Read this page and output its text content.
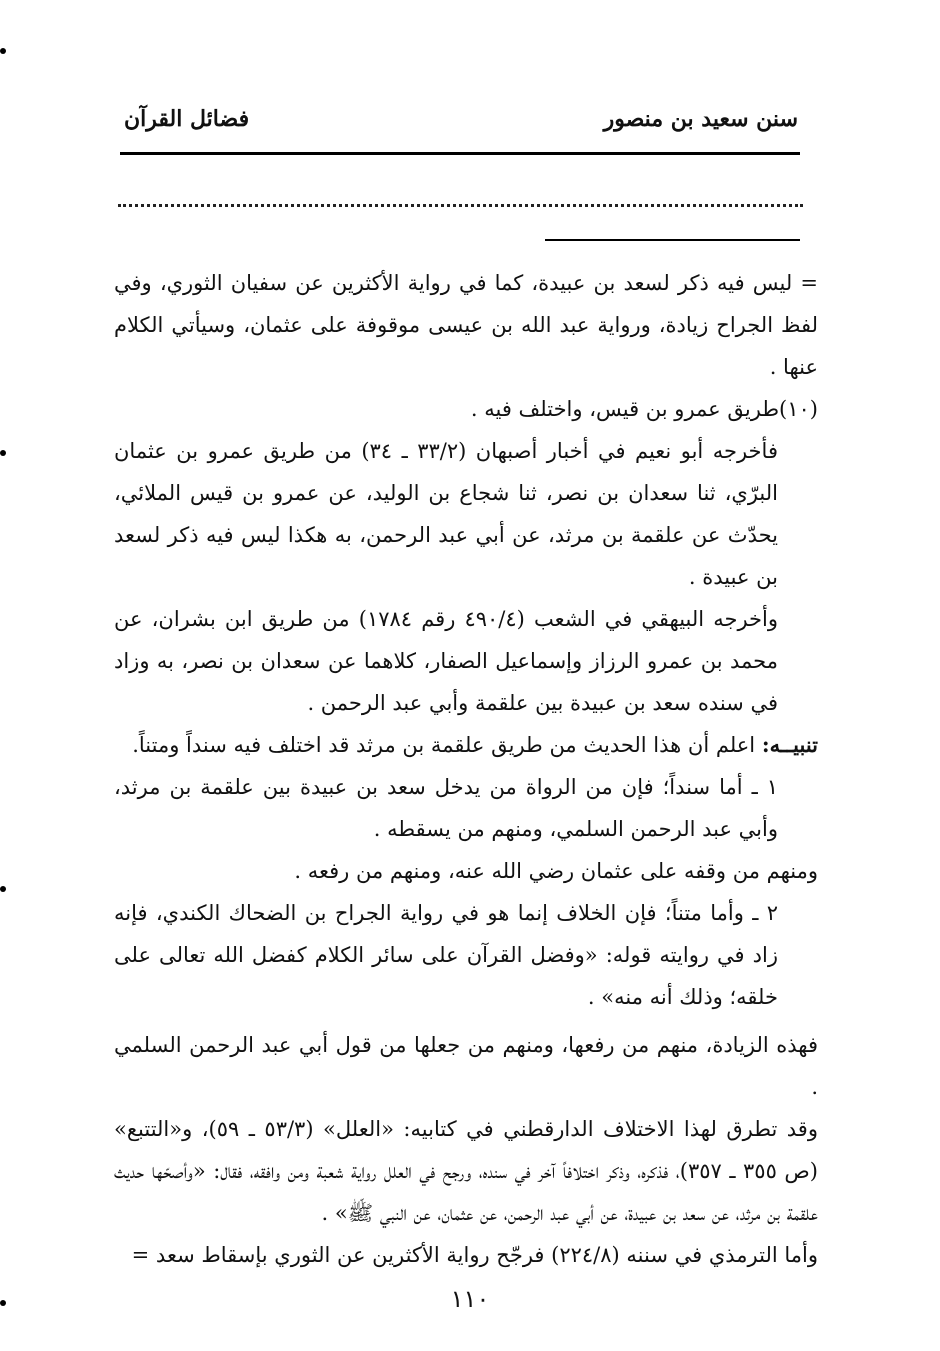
سنن سعيد بن منصور
فضائل القرآن

= ليس فيه ذكر لسعد بن عبيدة، كما في رواية الأكثرين عن سفيان الثوري، وفي لفظ الجراح زيادة، ورواية عبد الله بن عيسى موقوفة على عثمان، وسيأتي الكلام عنها .

(١٠)طريق عمرو بن قيس، واختلف فيه .

فأخرجه أبو نعيم في أخبار أصبهان (٣٣/٢ ـ ٣٤) من طريق عمرو بن عثمان البرّي، ثنا سعدان بن نصر، ثنا شجاع بن الوليد، عن عمرو بن قيس الملائي، يحدّث عن علقمة بن مرثد، عن أبي عبد الرحمن، به هكذا ليس فيه ذكر لسعد بن عبيدة .

وأخرجه البيهقي في الشعب (٤٩٠/٤ رقم ١٧٨٤) من طريق ابن بشران، عن محمد بن عمرو الرزاز وإسماعيل الصفار، كلاهما عن سعدان بن نصر، به وزاد في سنده سعد بن عبيدة بين علقمة وأبي عبد الرحمن .

تنبيــه: اعلم أن هذا الحديث من طريق علقمة بن مرثد قد اختلف فيه سنداً ومتناً.

١ ـ أما سنداً؛ فإن من الرواة من يدخل سعد بن عبيدة بين علقمة بن مرثد، وأبي عبد الرحمن السلمي، ومنهم من يسقطه .

ومنهم من وقفه على عثمان رضي الله عنه، ومنهم من رفعه .

٢ ـ وأما متناً؛ فإن الخلاف إنما هو في رواية الجراح بن الضحاك الكندي، فإنه زاد في روايته قوله: «وفضل القرآن على سائر الكلام كفضل الله تعالى على خلقه؛ وذلك أنه منه» .

فهذه الزيادة، منهم من رفعها، ومنهم من جعلها من قول أبي عبد الرحمن السلمي .

وقد تطرق لهذا الاختلاف الدارقطني في كتابيه: «العلل» (٥٣/٣ ـ ٥٩)، و«التتبع» (ص ٣٥٥ ـ ٣٥٧)، فذكره، وذكر اختلافاً آخر في سنده، ورجح في العلل رواية شعبة ومن وافقه، فقال: «وأصحّها حديث علقمة بن مرثد، عن سعد بن عبيدة، عن أبي عبد الرحمن، عن عثمان، عن النبي ﷺ» .

وأما الترمذي في سننه (٢٢٤/٨) فرجّح رواية الأكثرين عن الثوري بإسقاط سعد =

١١٠
